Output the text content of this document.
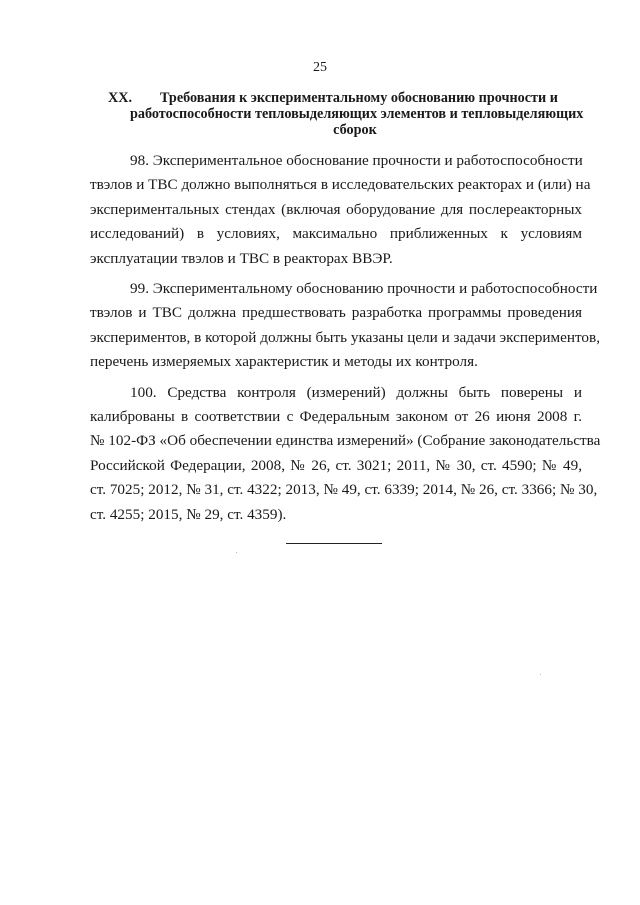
25
XX. Требования к экспериментальному обоснованию прочности и
работоспособности тепловыделяющих элементов и тепловыделяющих
сборок
98. Экспериментальное обоснование прочности и работоспособности
твэлов и ТВС должно выполняться в исследовательских реакторах и (или) на
экспериментальных стендах (включая оборудование для послереакторных
исследований) в условиях, максимально приближенных к условиям
эксплуатации твэлов и ТВС в реакторах ВВЭР.
99. Экспериментальному обоснованию прочности и работоспособности
твэлов и ТВС должна предшествовать разработка программы проведения
экспериментов, в которой должны быть указаны цели и задачи экспериментов,
перечень измеряемых характеристик и методы их контроля.
100. Средства контроля (измерений) должны быть поверены и
калиброваны в соответствии с Федеральным законом от 26 июня 2008 г.
№ 102-ФЗ «Об обеспечении единства измерений» (Собрание законодательства
Российской Федерации, 2008, № 26, ст. 3021; 2011, № 30, ст. 4590; № 49,
ст. 7025; 2012, № 31, ст. 4322; 2013, № 49, ст. 6339; 2014, № 26, ст. 3366; № 30,
ст. 4255; 2015, № 29, ст. 4359).
